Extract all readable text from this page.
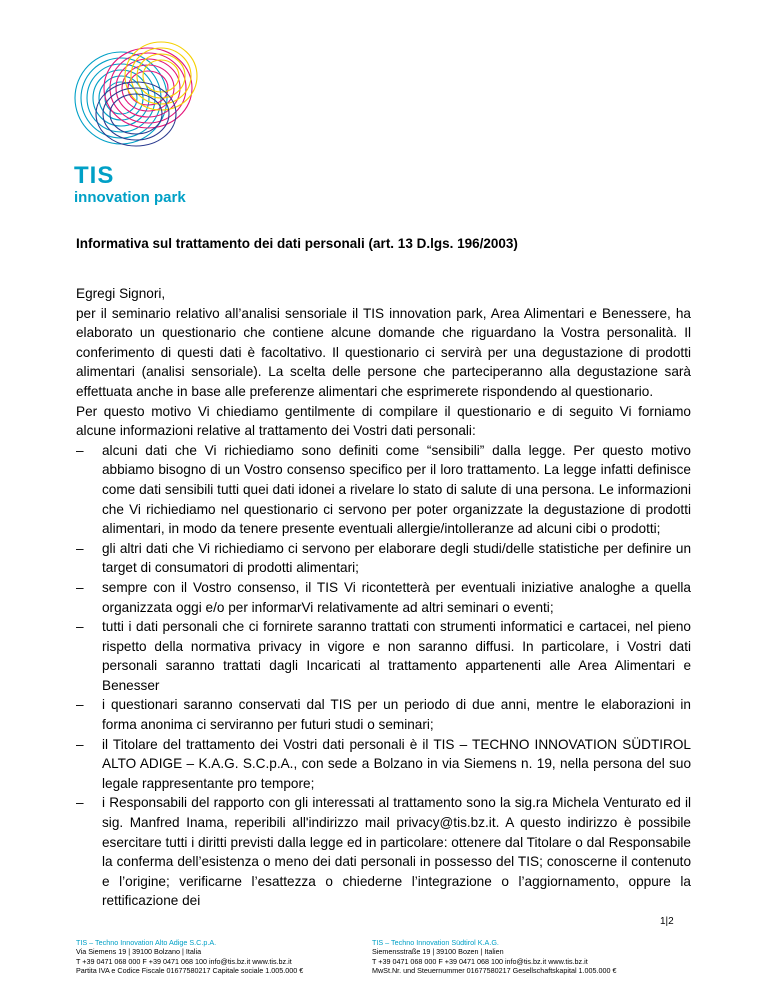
TIS
innovation park
Informativa sul trattamento dei dati personali (art. 13 D.lgs. 196/2003)

Egregi Signori,

per il seminario relativo all’analisi sensoriale il TIS innovation park, Area Alimentari e Benessere, ha elaborato un questionario che contiene alcune domande che riguardano la Vostra personalità. Il conferimento di questi dati è facoltativo. Il questionario ci servirà per una degustazione di prodotti alimentari (analisi sensoriale). La scelta delle persone che parteciperanno alla degustazione sarà effettuata anche in base alle preferenze alimentari che esprimerete rispondendo al questionario.

Per questo motivo Vi chiediamo gentilmente di compilare il questionario e di seguito Vi forniamo alcune informazioni relative al trattamento dei Vostri dati personali:

– alcuni dati che Vi richiediamo sono definiti come “sensibili” dalla legge. Per questo motivo abbiamo bisogno di un Vostro consenso specifico per il loro trattamento. La legge infatti definisce come dati sensibili tutti quei dati idonei a rivelare lo stato di salute di una persona. Le informazioni che Vi richiediamo nel questionario ci servono per poter organizzate la degustazione di prodotti alimentari, in modo da tenere presente eventuali allergie/intolleranze ad alcuni cibi o prodotti;
– gli altri dati che Vi richiediamo ci servono per elaborare degli studi/delle statistiche per definire un target di consumatori di prodotti alimentari;
– sempre con il Vostro consenso, il TIS Vi ricontetterà per eventuali iniziative analoghe a quella organizzata oggi e/o per informarVi relativamente ad altri seminari o eventi;
– tutti i dati personali che ci fornirete saranno trattati con strumenti informatici e cartacei, nel pieno rispetto della normativa privacy in vigore e non saranno diffusi. In particolare, i Vostri dati personali saranno trattati dagli Incaricati al trattamento appartenenti alle Area Alimentari e Benesser
– i questionari saranno conservati dal TIS per un periodo di due anni, mentre le elaborazioni in forma anonima ci serviranno per futuri studi o seminari;
– il Titolare del trattamento dei Vostri dati personali è il TIS – TECHNO INNOVATION SÜDTIROL ALTO ADIGE – K.A.G. S.C.p.A., con sede a Bolzano in via Siemens n. 19, nella persona del suo legale rappresentante pro tempore;
– i Responsabili del rapporto con gli interessati al trattamento sono la sig.ra Michela Venturato ed il sig. Manfred Inama, reperibili all'indirizzo mail privacy@tis.bz.it. A questo indirizzo è possibile esercitare tutti i diritti previsti dalla legge ed in particolare: ottenere dal Titolare o dal Responsabile la conferma dell’esistenza o meno dei dati personali in possesso del TIS; conoscerne il contenuto e l’origine; verificarne l’esattezza o chiederne l’integrazione o l’aggiornamento, oppure la rettificazione dei
1|2
TIS – Techno Innovation Alto Adige S.C.p.A.
Via Siemens 19 | 39100 Bolzano | Italia
T +39 0471 068 000 F +39 0471 068 100 info@tis.bz.it www.tis.bz.it
Partita IVA e Codice Fiscale 01677580217 Capitale sociale 1.005.000 €
TIS – Techno Innovation Südtirol K.A.G.
Siemensstraße 19 | 39100 Bozen | Italien
T +39 0471 068 000 F +39 0471 068 100 info@tis.bz.it www.tis.bz.it
MwSt.Nr. und Steuernummer 01677580217 Gesellschaftskapital 1.005.000 €
